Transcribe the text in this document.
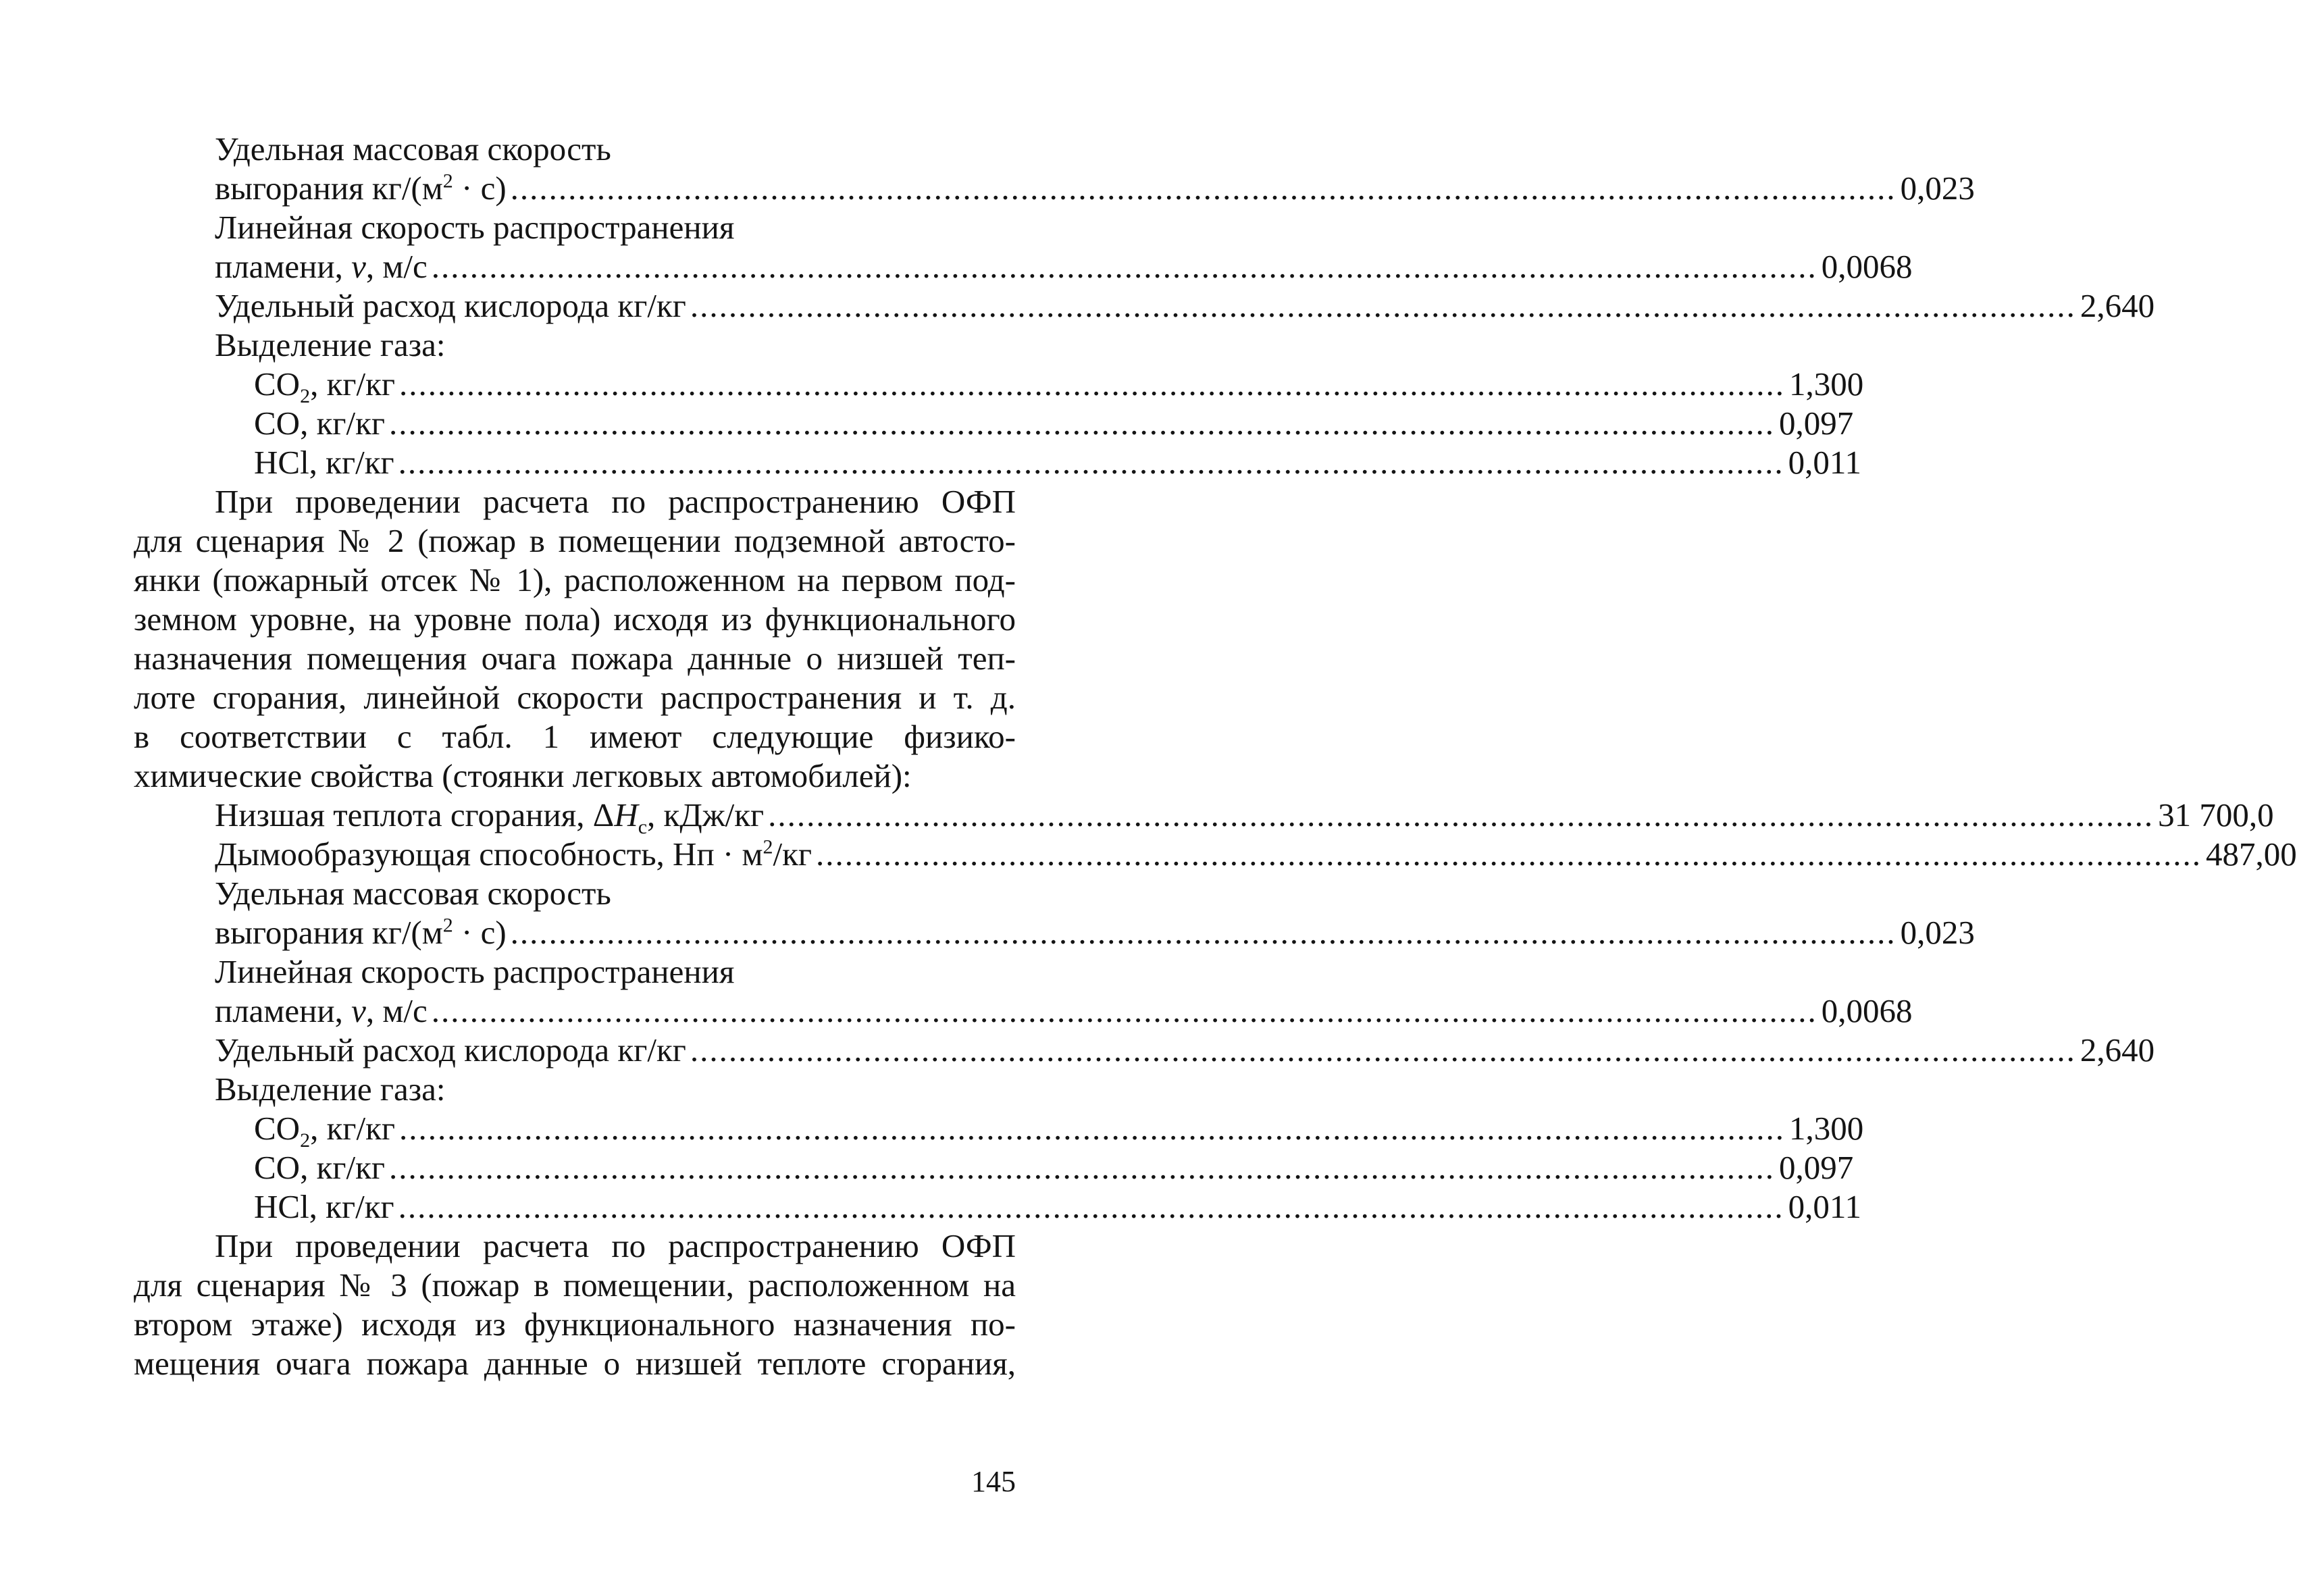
Удельная массовая скорость
выгорания $кг/(м^2 \cdot с)$ ................................................................................................................................................ 0,023
Линейная скорость распространения
пламени, v, м/с ................................................................................................................................................ 0,0068
Удельный расход кислорода кг/кг ................................................................................................................................................ 2,640
Выделение газа:
$CO_2$, кг/кг ................................................................................................................................................ 1,300
CO, кг/кг ................................................................................................................................................ 0,097
HCl, кг/кг ................................................................................................................................................ 0,011
При проведении расчета по распространению ОФП
для сценария № 2 (пожар в помещении подземной автосто-
янки (пожарный отсек № 1), расположенном на первом под-
земном уровне, на уровне пола) исходя из функционального
назначения помещения очага пожара данные о низшей теп-
лоте сгорания, линейной скорости распространения и т. д.
в соответствии с табл. 1 имеют следующие физико-
химические свойства (стоянки легковых автомобилей):
Низшая теплота сгорания, $\Delta H_с$, кДж/кг ................................................................................................................................................ 31 700,0
Дымообразующая способность, Нп · $м^2/кг$ ................................................................................................................................................ 487,00
Удельная массовая скорость
выгорания $кг/(м^2 \cdot с)$ ................................................................................................................................................ 0,023
Линейная скорость распространения
пламени, v, м/с ................................................................................................................................................ 0,0068
Удельный расход кислорода кг/кг ................................................................................................................................................ 2,640
Выделение газа:
$CO_2$, кг/кг ................................................................................................................................................ 1,300
CO, кг/кг ................................................................................................................................................ 0,097
HCl, кг/кг ................................................................................................................................................ 0,011
При проведении расчета по распространению ОФП
для сценария № 3 (пожар в помещении, расположенном на
втором этаже) исходя из функционального назначения по-
мещения очага пожара данные о низшей теплоте сгорания,
145
